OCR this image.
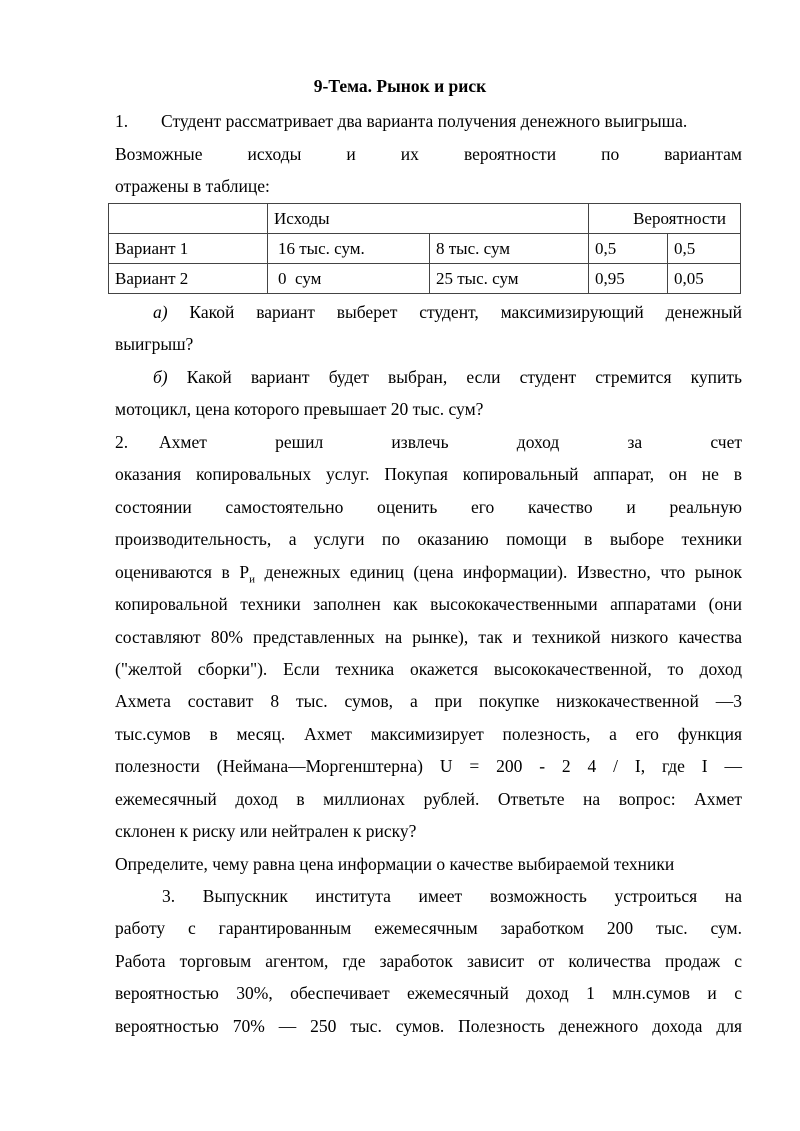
9-Тема. Рынок и риск
1. Студент рассматривает два варианта получения денежного выигрыша.
Возможные исходы и их вероятности по вариантам
отражены в таблице:
	Исходы		Вероятности	
Вариант 1	16 тыс. сум.	8 тыс. сум	0,5	0,5
Вариант 2	0  сум	25 тыс. сум	0,95	0,05
а) Какой вариант выберет студент, максимизирующий денежный
выигрыш?
б) Какой вариант будет выбран, если студент стремится купить
мотоцикл, цена которого превышает 20 тыс. сум?
2. Ахмет решил извлечь доход за счет
оказания копировальных услуг. Покупая копировальный аппарат, он не в
состоянии самостоятельно оценить его качество и реальную
производительность, а услуги по оказанию помощи в выборе техники
оцениваются в $P_и$ денежных единиц (цена информации). Известно, что рынок
копировальной техники заполнен как высококачественными аппаратами (они
составляют 80% представленных на рынке), так и техникой низкого качества
("желтой сборки"). Если техника окажется высококачественной, то доход
Ахмета составит 8 тыс. сумов, а при покупке низкокачественной —3
тыс.сумов в месяц. Ахмет максимизирует полезность, а его функция
полезности (Неймана—Моргенштерна) U = 200 - 2 4 / I, где I —
ежемесячный доход в миллионах рублей. Ответьте на вопрос: Ахмет
склонен к риску или нейтрален к риску?
Определите, чему равна цена информации о качестве выбираемой техники
3. Выпускник института имеет возможность устроиться на
работу с гарантированным ежемесячным заработком 200 тыс. сум.
Работа торговым агентом, где заработок зависит от количества продаж с
вероятностью 30%, обеспечивает ежемесячный доход 1 млн.сумов и с
вероятностью 70% — 250 тыс. сумов. Полезность денежного дохода для
